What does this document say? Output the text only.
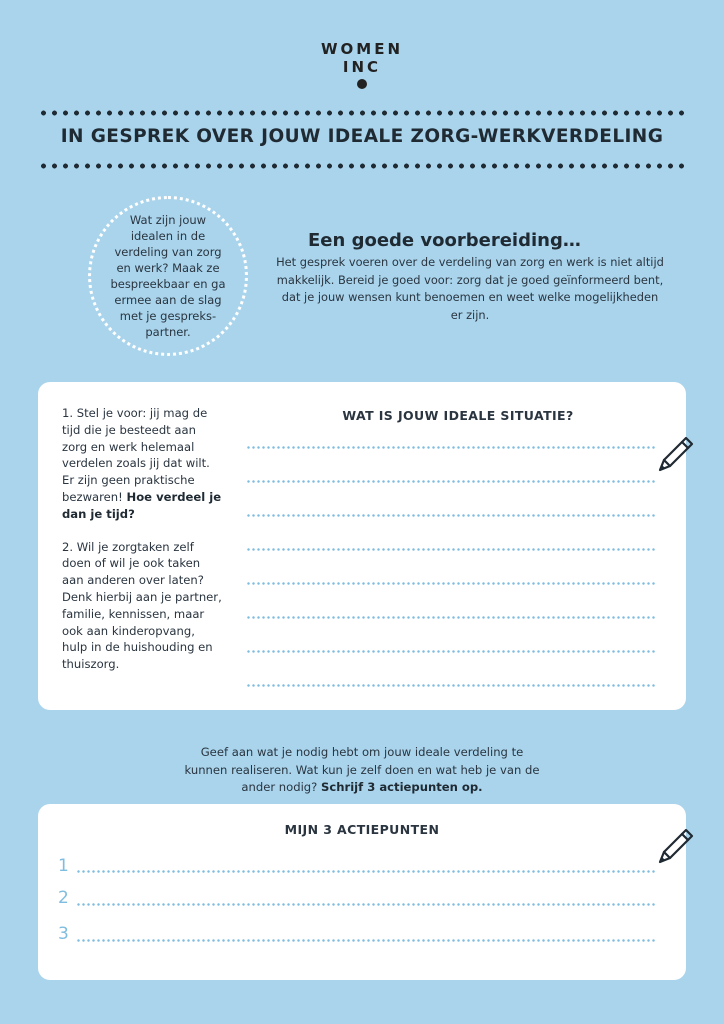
WOMEN
INC
IN GESPREK OVER JOUW IDEALE ZORG-WERKVERDELING
Wat zijn jouw idealen in de verdeling van zorg en werk? Maak ze bespreekbaar en ga ermee aan de slag met je gespreks-partner.
Een goede voorbereiding…
Het gesprek voeren over de verdeling van zorg en werk is niet altijd makkelijk. Bereid je goed voor: zorg dat je goed geïnformeerd bent, dat je jouw wensen kunt benoemen en weet welke mogelijkheden er zijn.

1. Stel je voor: jij mag de tijd die je besteedt aan zorg en werk helemaal verdelen zoals jij dat wilt. Er zijn geen praktische bezwaren! Hoe verdeel je dan je tijd?

2. Wil je zorgtaken zelf doen of wil je ook taken aan anderen over laten? Denk hierbij aan je partner, familie, kennissen, maar ook aan kinderopvang, hulp in de huishouding en thuiszorg.

WAT IS JOUW IDEALE SITUATIE?
Geef aan wat je nodig hebt om jouw ideale verdeling te kunnen realiseren. Wat kun je zelf doen en wat heb je van de ander nodig? Schrijf 3 actiepunten op.
MIJN 3 ACTIEPUNTEN
1
2
3
